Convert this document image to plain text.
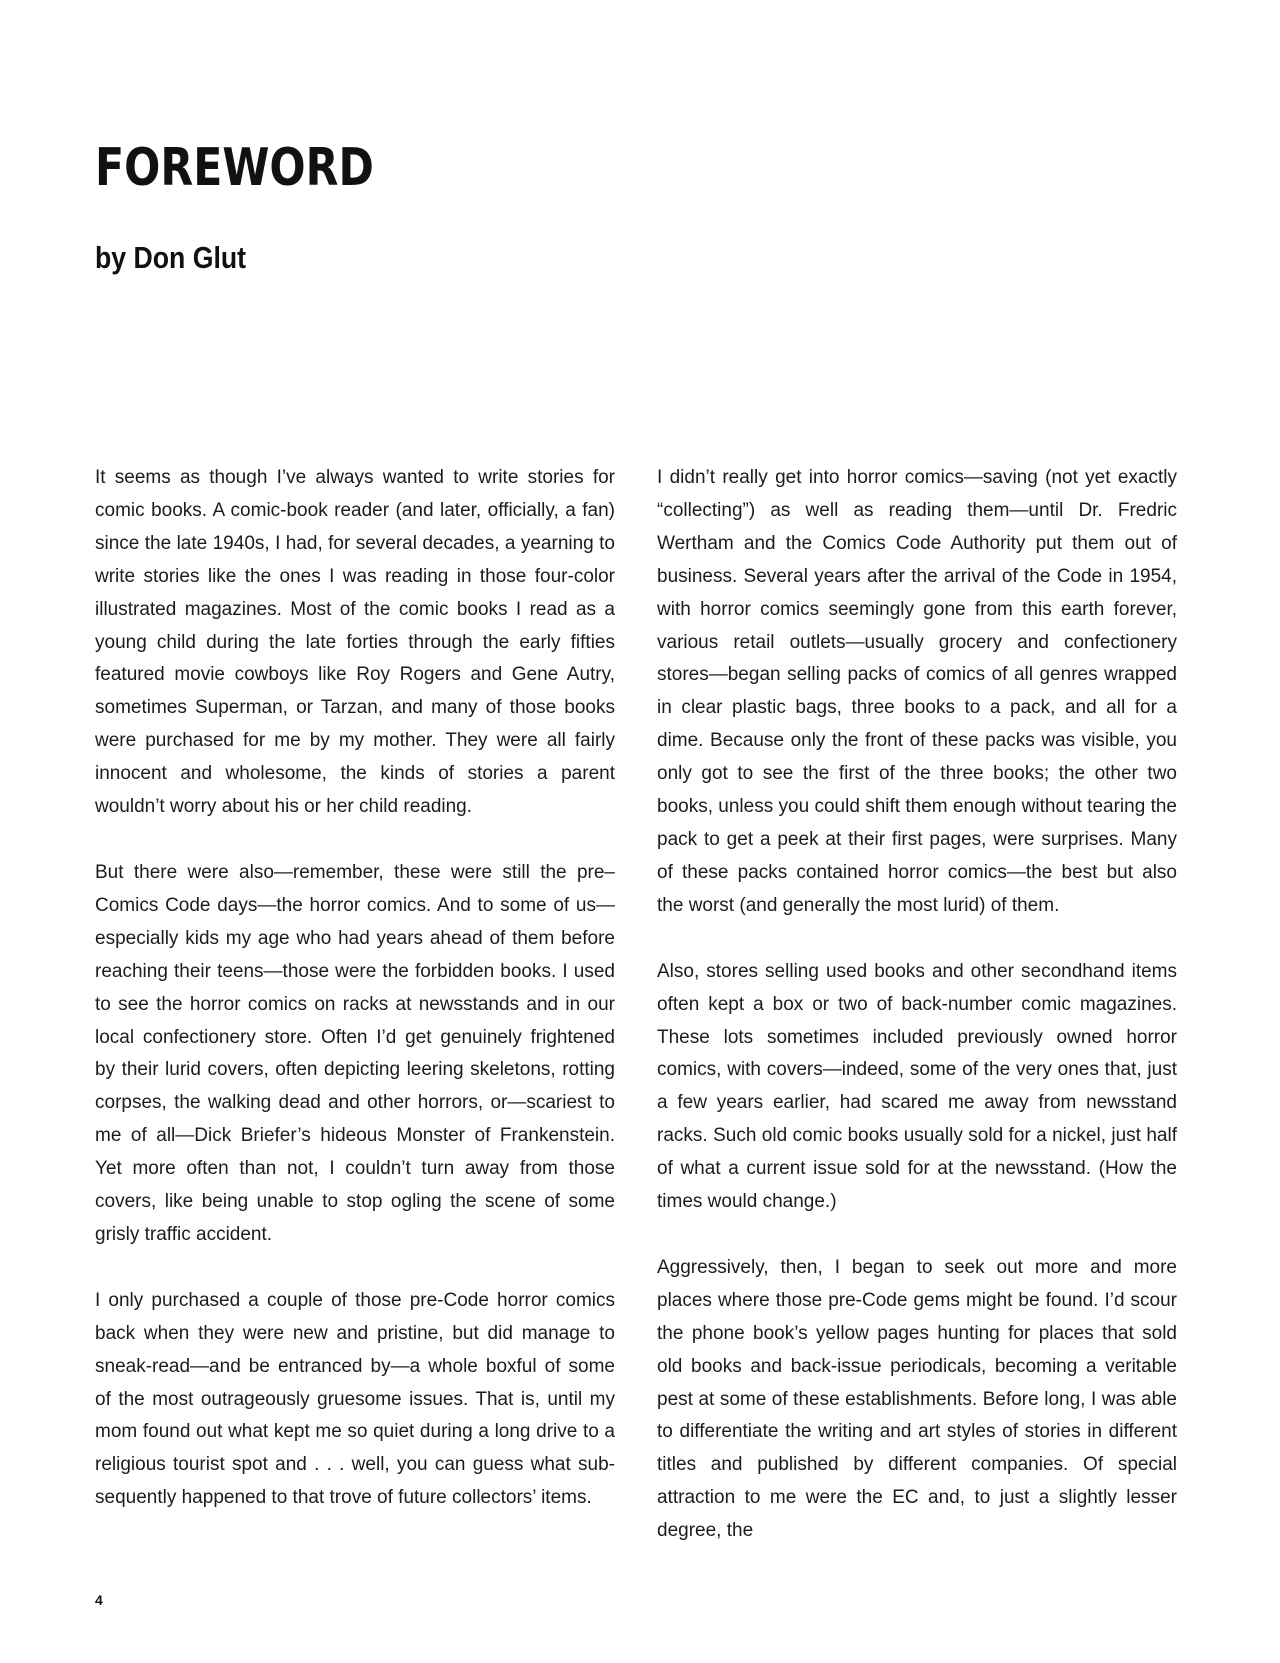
FOREWORD
by Don Glut

It seems as though I’ve always wanted to write stories for comic books. A comic-book reader (and later, officially, a fan) since the late 1940s, I had, for several decades, a yearning to write stories like the ones I was reading in those four-color illustrated magazines. Most of the comic books I read as a young child during the late forties through the early fifties featured movie cowboys like Roy Rogers and Gene Autry, sometimes Superman, or Tarzan, and many of those books were purchased for me by my mother. They were all fairly innocent and wholesome, the kinds of stories a parent wouldn’t worry about his or her child reading.

But there were also—remember, these were still the pre–Comics Code days—the horror comics. And to some of us—especially kids my age who had years ahead of them before reaching their teens—those were the forbidden books. I used to see the horror comics on racks at newsstands and in our local confectionery store. Often I’d get genuinely frightened by their lurid covers, often depicting leering skeletons, rotting corpses, the walking dead and other horrors, or—scariest to me of all—Dick Briefer’s hideous Monster of Frankenstein. Yet more often than not, I couldn’t turn away from those covers, like being unable to stop ogling the scene of some grisly traffic accident.

I only purchased a couple of those pre-Code horror comics back when they were new and pristine, but did manage to sneak-read—and be entranced by—a whole boxful of some of the most outrageously gruesome issues. That is, until my mom found out what kept me so quiet during a long drive to a religious tourist spot and . . . well, you can guess what sub-sequently happened to that trove of future collectors’ items.

I didn’t really get into horror comics—saving (not yet exactly “collecting”) as well as reading them—until Dr. Fredric Wertham and the Comics Code Authority put them out of business. Several years after the arrival of the Code in 1954, with horror comics seemingly gone from this earth forever, various retail outlets—usually grocery and confectionery stores—began selling packs of comics of all genres wrapped in clear plastic bags, three books to a pack, and all for a dime. Because only the front of these packs was visible, you only got to see the first of the three books; the other two books, unless you could shift them enough without tearing the pack to get a peek at their first pages, were surprises. Many of these packs contained horror comics—the best but also the worst (and generally the most lurid) of them.

Also, stores selling used books and other secondhand items often kept a box or two of back-number comic magazines. These lots sometimes included previously owned horror comics, with covers—indeed, some of the very ones that, just a few years earlier, had scared me away from newsstand racks. Such old comic books usually sold for a nickel, just half of what a current issue sold for at the newsstand. (How the times would change.)

Aggressively, then, I began to seek out more and more places where those pre-Code gems might be found. I’d scour the phone book’s yellow pages hunting for places that sold old books and back-issue periodicals, becoming a veritable pest at some of these establishments. Before long, I was able to differentiate the writing and art styles of stories in different titles and published by different companies. Of special attraction to me were the EC and, to just a slightly lesser degree, the

4
